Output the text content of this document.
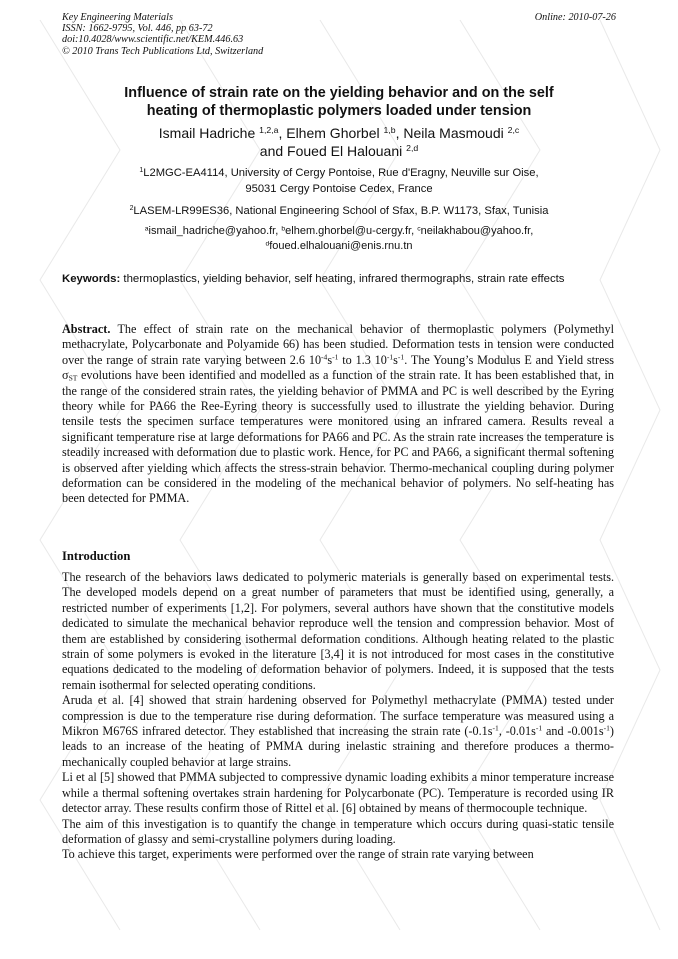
Key Engineering Materials
ISSN: 1662-9795, Vol. 446, pp 63-72
doi:10.4028/www.scientific.net/KEM.446.63
© 2010 Trans Tech Publications Ltd, Switzerland
Online: 2010-07-26
Influence of strain rate on the yielding behavior and on the self
heating of thermoplastic polymers loaded under tension
Ismail Hadriche $^{1,2,a}$, Elhem Ghorbel $^{1,b}$, Neila Masmoudi $^{2,c}$
and Foued El Halouani $^{2,d}$
$^1$L2MGC-EA4114, University of Cergy Pontoise, Rue d'Eragny, Neuville sur Oise,
95031 Cergy Pontoise Cedex, France
$^2$LASEM-LR99ES36, National Engineering School of Sfax, B.P. W1173, Sfax, Tunisia
$^a$ismail_hadriche@yahoo.fr, $^b$elhem.ghorbel@u-cergy.fr, $^c$neilakhabou@yahoo.fr,
$^d$foued.elhalouani@enis.rnu.tn
Keywords: thermoplastics, yielding behavior, self heating, infrared thermographs, strain rate effects

Abstract. The effect of strain rate on the mechanical behavior of thermoplastic polymers (Polymethyl methacrylate, Polycarbonate and Polyamide 66) has been studied. Deformation tests in tension were conducted over the range of strain rate varying between 2.6 $10^{-4}s^{-1}$ to 1.3 $10^{-1}s^{-1}$. The Young’s Modulus E and Yield stress $\sigma_{ST}$ evolutions have been identified and modelled as a function of the strain rate. It has been established that, in the range of the considered strain rates, the yielding behavior of PMMA and PC is well described by the Eyring theory while for PA66 the Ree-Eyring theory is successfully used to illustrate the yielding behavior. During tensile tests the specimen surface temperatures were monitored using an infrared camera. Results reveal a significant temperature rise at large deformations for PA66 and PC. As the strain rate increases the temperature is steadily increased with deformation due to plastic work. Hence, for PC and PA66, a significant thermal softening is observed after yielding which affects the stress-strain behavior. Thermo-mechanical coupling during polymer deformation can be considered in the modeling of the mechanical behavior of polymers. No self-heating has been detected for PMMA.

Introduction

The research of the behaviors laws dedicated to polymeric materials is generally based on experimental tests. The developed models depend on a great number of parameters that must be identified using, generally, a restricted number of experiments [1,2]. For polymers, several authors have shown that the constitutive models dedicated to simulate the mechanical behavior reproduce well the tension and compression behavior. Most of them are established by considering isothermal deformation conditions. Although heating related to the plastic strain of some polymers is evoked in the literature [3,4] it is not introduced for most cases in the constitutive equations dedicated to the modeling of deformation behavior of polymers. Indeed, it is supposed that the tests remain isothermal for selected operating conditions.

Aruda et al. [4] showed that strain hardening observed for Polymethyl methacrylate (PMMA) tested under compression is due to the temperature rise during deformation. The surface temperature was measured using a Mikron M676S infrared detector. They established that increasing the strain rate ($-0.1s^{-1}$, $-0.01s^{-1}$ and $-0.001s^{-1}$) leads to an increase of the heating of PMMA during inelastic straining and therefore produces a thermo-mechanically coupled behavior at large strains.

Li et al [5] showed that PMMA subjected to compressive dynamic loading exhibits a minor temperature increase while a thermal softening overtakes strain hardening for Polycarbonate (PC). Temperature is recorded using IR detector array. These results confirm those of Rittel et al. [6] obtained by means of thermocouple technique.

The aim of this investigation is to quantify the change in temperature which occurs during quasi-static tensile deformation of glassy and semi-crystalline polymers during loading.

To achieve this target, experiments were performed over the range of strain rate varying between
